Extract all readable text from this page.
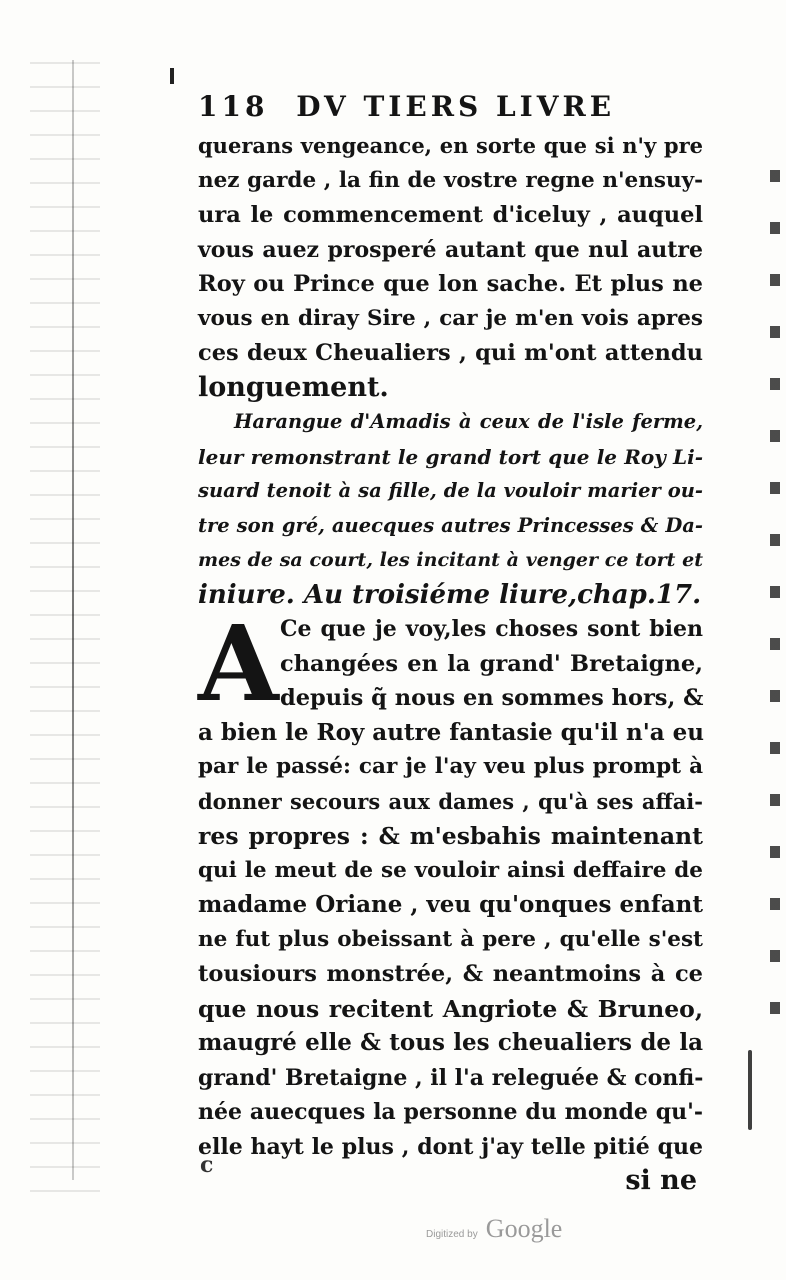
118 DV TIERS LIVRE
querans vengeance, en sorte que si n'y pre
nez garde , la fin de vostre regne n'ensuy-
ura le commencement d'iceluy , auquel
vous auez prosperé autant que nul autre
Roy ou Prince que lon sache. Et plus ne
vous en diray Sire , car je m'en vois apres
ces deux Cheualiers , qui m'ont attendu
longuement.
Harangue d'Amadis à ceux de l'isle ferme,
leur remonstrant le grand tort que le Roy Li-
suard tenoit à sa fille, de la vouloir marier ou-
tre son gré, auecques autres Princesses & Da-
mes de sa court, les incitant à venger ce tort et
iniure. Au troisiéme liure,chap.17.
A Ce que je voy,les choses sont bien
changées en la grand' Bretaigne,
depuis q̃ nous en sommes hors, &
a bien le Roy autre fantasie qu'il n'a eu
par le passé: car je l'ay veu plus prompt à
donner secours aux dames , qu'à ses affai-
res propres : & m'esbahis maintenant
qui le meut de se vouloir ainsi deffaire de
madame Oriane , veu qu'onques enfant
ne fut plus obeissant à pere , qu'elle s'est
tousiours monstrée, & neantmoins à ce
que nous recitent Angriote & Bruneo,
maugré elle & tous les cheualiers de la
grand' Bretaigne , il l'a releguée & confi-
née auecques la personne du monde qu'-
elle hayt le plus , dont j'ay telle pitié que
si ne
c
Digitized by Google
